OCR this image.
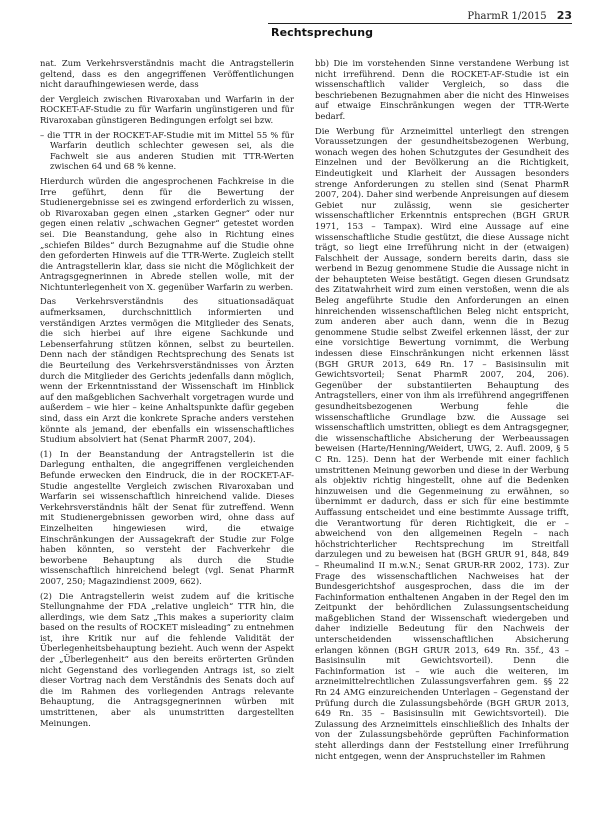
PharmR 1/2015 23
Rechtsprechung

nat. Zum Verkehrsverständnis macht die Antragstellerin geltend, dass es den angegriffenen Veröffentlichungen nicht daraufhingewiesen werde, dass

der Vergleich zwischen Rivaroxaban und Warfarin in der ROCKET-AF-Studie zu für Warfarin ungünstigeren und für Rivaroxaban günstigeren Bedingungen erfolgt sei bzw.

– die TTR in der ROCKET-AF-Studie mit im Mittel 55 % für Warfarin deutlich schlechter gewesen sei, als die Fachwelt sie aus anderen Studien mit TTR-Werten zwischen 64 und 68 % kenne.

Hierdurch würden die angesprochenen Fachkreise in die Irre geführt, denn für die Bewertung der Studienergebnisse sei es zwingend erforderlich zu wissen, ob Rivaroxaban gegen einen „starken Gegner“ oder nur gegen einen relativ „schwachen Gegner“ getestet worden sei. Die Beanstandung, gehe also in Richtung eines „schiefen Bildes“ durch Bezugnahme auf die Studie ohne den geforderten Hinweis auf die TTR-Werte. Zugleich stellt die Antragstellerin klar, dass sie nicht die Möglichkeit der Antragsgegnerinnen in Abrede stellen wolle, mit der Nichtunterlegenheit von X. gegenüber Warfarin zu werben.

Das Verkehrsverständnis des situationsadäquat aufmerksamen, durchschnittlich informierten und verständigen Arztes vermögen die Mitglieder des Senats, die sich hierbei auf ihre eigene Sachkunde und Lebenserfahrung stützen können, selbst zu beurteilen. Denn nach der ständigen Rechtsprechung des Senats ist die Beurteilung des Verkehrsverständnisses von Ärzten durch die Mitglieder des Gerichts jedenfalls dann möglich, wenn der Erkenntnisstand der Wissenschaft im Hinblick auf den maßgeblichen Sachverhalt vorgetragen wurde und außerdem – wie hier – keine Anhaltspunkte dafür gegeben sind, dass ein Arzt die konkrete Sprache anders verstehen könnte als jemand, der ebenfalls ein wissenschaftliches Studium absolviert hat (Senat PharmR 2007, 204).

(1) In der Beanstandung der Antragstellerin ist die Darlegung enthalten, die angegriffenen vergleichenden Befunde erwecken den Eindruck, die in der ROCKET-AF-Studie angestellte Vergleich zwischen Rivaroxaban und Warfarin sei wissenschaftlich hinreichend valide. Dieses Verkehrsverständnis hält der Senat für zutreffend. Wenn mit Studienergebnissen geworben wird, ohne dass auf Einzelheiten hingewiesen wird, die etwaige Einschränkungen der Aussagekraft der Studie zur Folge haben könnten, so versteht der Fachverkehr die beworbene Behauptung als durch die Studie wissenschaftlich hinreichend belegt (vgl. Senat PharmR 2007, 250; Magazindienst 2009, 662).

(2) Die Antragstellerin weist zudem auf die kritische Stellungnahme der FDA „relative ungleich“ TTR hin, die allerdings, wie dem Satz „This makes a superiority claim based on the results of ROCKET misleading“ zu entnehmen ist, ihre Kritik nur auf die fehlende Validität der Überlegenheitsbehauptung bezieht. Auch wenn der Aspekt der „Überlegenheit“ aus den bereits erörterten Gründen nicht Gegenstand des vorliegenden Antrags ist, so zielt dieser Vortrag nach dem Verständnis des Senats doch auf die im Rahmen des vorliegenden Antrags relevante Behauptung, die Antragsgegnerinnen würben mit umstrittenen, aber als unumstritten dargestellten Meinungen.

bb) Die im vorstehenden Sinne verstandene Werbung ist nicht irreführend. Denn die ROCKET-AF-Studie ist ein wissenschaftlich valider Vergleich, so dass die beschriebenen Bezugnahmen aber die nicht des Hinweises auf etwaige Einschränkungen wegen der TTR-Werte bedarf.

Die Werbung für Arzneimittel unterliegt den strengen Voraussetzungen der gesundheitsbezogenen Werbung, wonach wegen des hohen Schutzgutes der Gesundheit des Einzelnen und der Bevölkerung an die Richtigkeit, Eindeutigkeit und Klarheit der Aussagen besonders strenge Anforderungen zu stellen sind (Senat PharmR 2007, 204). Daher sind werbende Anpreisungen auf diesem Gebiet nur zulässig, wenn sie gesicherter wissenschaftlicher Erkenntnis entsprechen (BGH GRUR 1971, 153 – Tampax). Wird eine Aussage auf eine wissenschaftliche Studie gestützt, die diese Aussage nicht trägt, so liegt eine Irreführung nicht in der (etwaigen) Falschheit der Aussage, sondern bereits darin, dass sie werbend in Bezug genommene Studie die Aussage nicht in der behaupteten Weise bestätigt. Gegen diesen Grundsatz des Zitatwahrheit wird zum einen verstoßen, wenn die als Beleg angeführte Studie den Anforderungen an einen hinreichenden wissenschaftlichen Beleg nicht entspricht, zum anderen aber auch dann, wenn die in Bezug genommene Studie selbst Zweifel erkennen lässt, der zur eine vorsichtige Bewertung vornimmt, die Werbung indessen diese Einschränkungen nicht erkennen lässt (BGH GRUR 2013, 649 Rn. 17 – Basisinsulin mit Gewichtsvorteil; Senat PharmR 2007, 204, 206). Gegenüber der substantiierten Behauptung des Antragstellers, einer von ihm als irreführend angegriffenen gesundheitsbezogenen Werbung fehle die wissenschaftliche Grundlage bzw. die Aussage sei wissenschaftlich umstritten, obliegt es dem Antragsgegner, die wissenschaftliche Absicherung der Werbeaussagen beweisen (Harte/Henning/Weidert, UWG, 2. Aufl. 2009, § 5 C Rn. 125). Denn hat der Werbende mit einer fachlich umstrittenen Meinung geworben und diese in der Werbung als objektiv richtig hingestellt, ohne auf die Bedenken hinzuweisen und die Gegenmeinung zu erwähnen, so übernimmt er dadurch, dass er sich für eine bestimmte Auffassung entscheidet und eine bestimmte Aussage trifft, die Verantwortung für deren Richtigkeit, die er – abweichend von den allgemeinen Regeln – nach höchstrichterlicher Rechtsprechung im Streitfall darzulegen und zu beweisen hat (BGH GRUR 91, 848, 849 – Rheumalind II m.w.N.; Senat GRUR-RR 2002, 173). Zur Frage des wissenschaftlichen Nachweises hat der Bundesgerichtshof ausgesprochen, dass die im der Fachinformation enthaltenen Angaben in der Regel den im Zeitpunkt der behördlichen Zulassungsentscheidung maßgeblichen Stand der Wissenschaft wiedergeben und daher indizielle Bedeutung für den Nachweis der unterscheidenden wissenschaftlichen Absicherung erlangen können (BGH GRUR 2013, 649 Rn. 35f., 43 – Basisinsulin mit Gewichtsvorteil). Denn die Fachinformation ist – wie auch die weiteren, im arzneimittelrechtlichen Zulassungsverfahren gem. §§ 22 Rn 24 AMG einzureichenden Unterlagen – Gegenstand der Prüfung durch die Zulassungsbehörde (BGH GRUR 2013, 649 Rn. 35 – Basisinsulin mit Gewichtsvorteil). Die Zulassung des Arzneimittels einschließlich des Inhalts der von der Zulassungsbehörde geprüften Fachinformation steht allerdings dann der Feststellung einer Irreführung nicht entgegen, wenn der Anspruchsteller im Rahmen
